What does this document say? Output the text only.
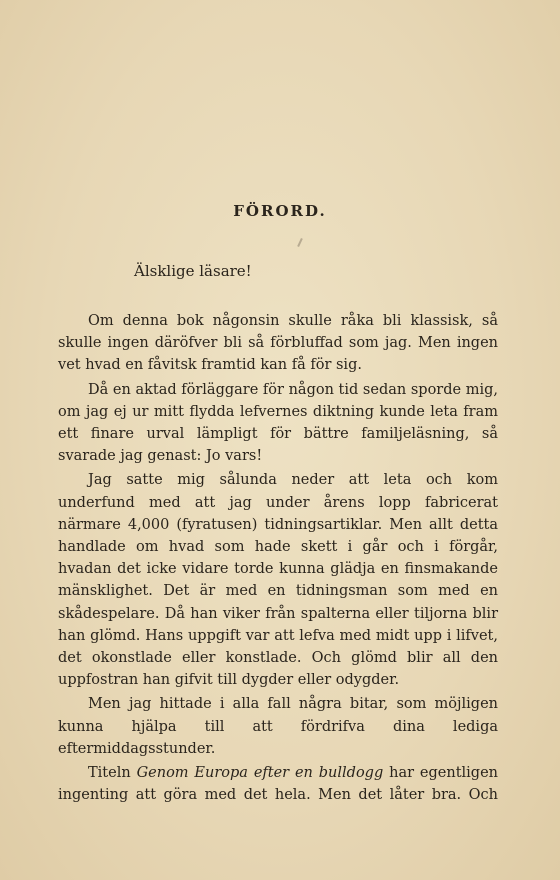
FÖRORD.

Älsklige läsare!

Om denna bok någonsin skulle råka bli klassisk, så skulle ingen däröfver bli så förbluffad som jag. Men ingen vet hvad en fåvitsk framtid kan få för sig.

Då en aktad förläggare för någon tid sedan sporde mig, om jag ej ur mitt flydda lefvernes diktning kunde leta fram ett finare urval lämpligt för bättre familjeläsning, så svarade jag genast: Jo vars!

Jag satte mig sålunda neder att leta och kom underfund med att jag under årens lopp fabricerat närmare 4,000 (fyratusen) tidningsartiklar. Men allt detta handlade om hvad som hade skett i går och i förgår, hvadan det icke vidare torde kunna glädja en finsmakande mänsklighet. Det är med en tidningsman som med en skådespelare. Då han viker från spalterna eller tiljorna blir han glömd. Hans uppgift var att lefva med midt upp i lifvet, det okonstlade eller konstlade. Och glömd blir all den uppfostran han gifvit till dygder eller odygder.

Men jag hittade i alla fall några bitar, som möjligen kunna hjälpa till att fördrifva dina lediga eftermiddagsstunder.

Titeln Genom Europa efter en bulldogg har egentligen ingenting att göra med det hela. Men det låter bra. Och
